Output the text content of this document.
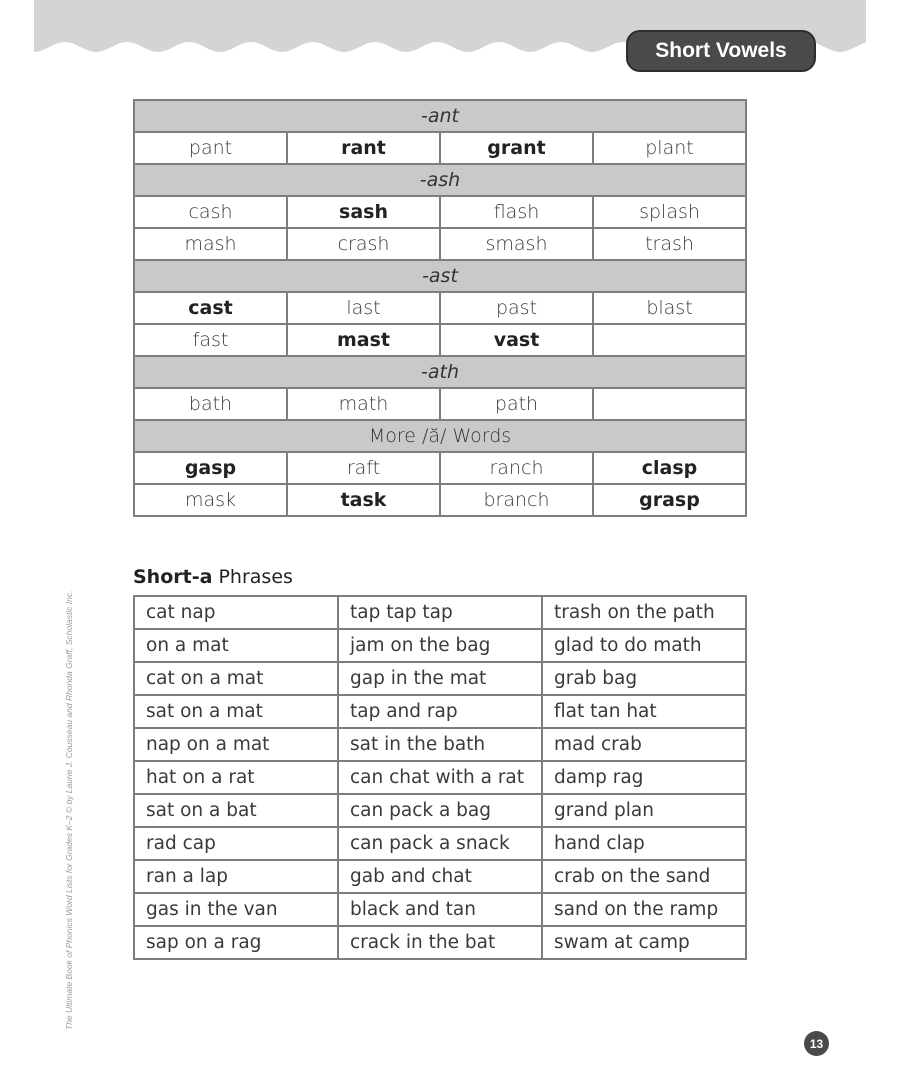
Short Vowels
-ant			
pant	rant	grant	plant
-ash			
cash	sash	flash	splash
mash	crash	smash	trash
-ast			
cast	last	past	blast
fast	mast	vast	
-ath			
bath	math	path	
More /ă/ Words			
gasp	raft	ranch	clasp
mask	task	branch	grasp
Short-a Phrases
cat nap	tap tap tap	trash on the path
on a mat	jam on the bag	glad to do math
cat on a mat	gap in the mat	grab bag
sat on a mat	tap and rap	flat tan hat
nap on a mat	sat in the bath	mad crab
hat on a rat	can chat with a rat	damp rag
sat on a bat	can pack a bag	grand plan
rad cap	can pack a snack	hand clap
ran a lap	gab and chat	crab on the sand
gas in the van	black and tan	sand on the ramp
sap on a rag	crack in the bat	swam at camp
The Ultimate Book of Phonics Word Lists for Grades K–2 © by Laurie J. Cousseau and Rhonda Graff, Scholastic Inc.
13
